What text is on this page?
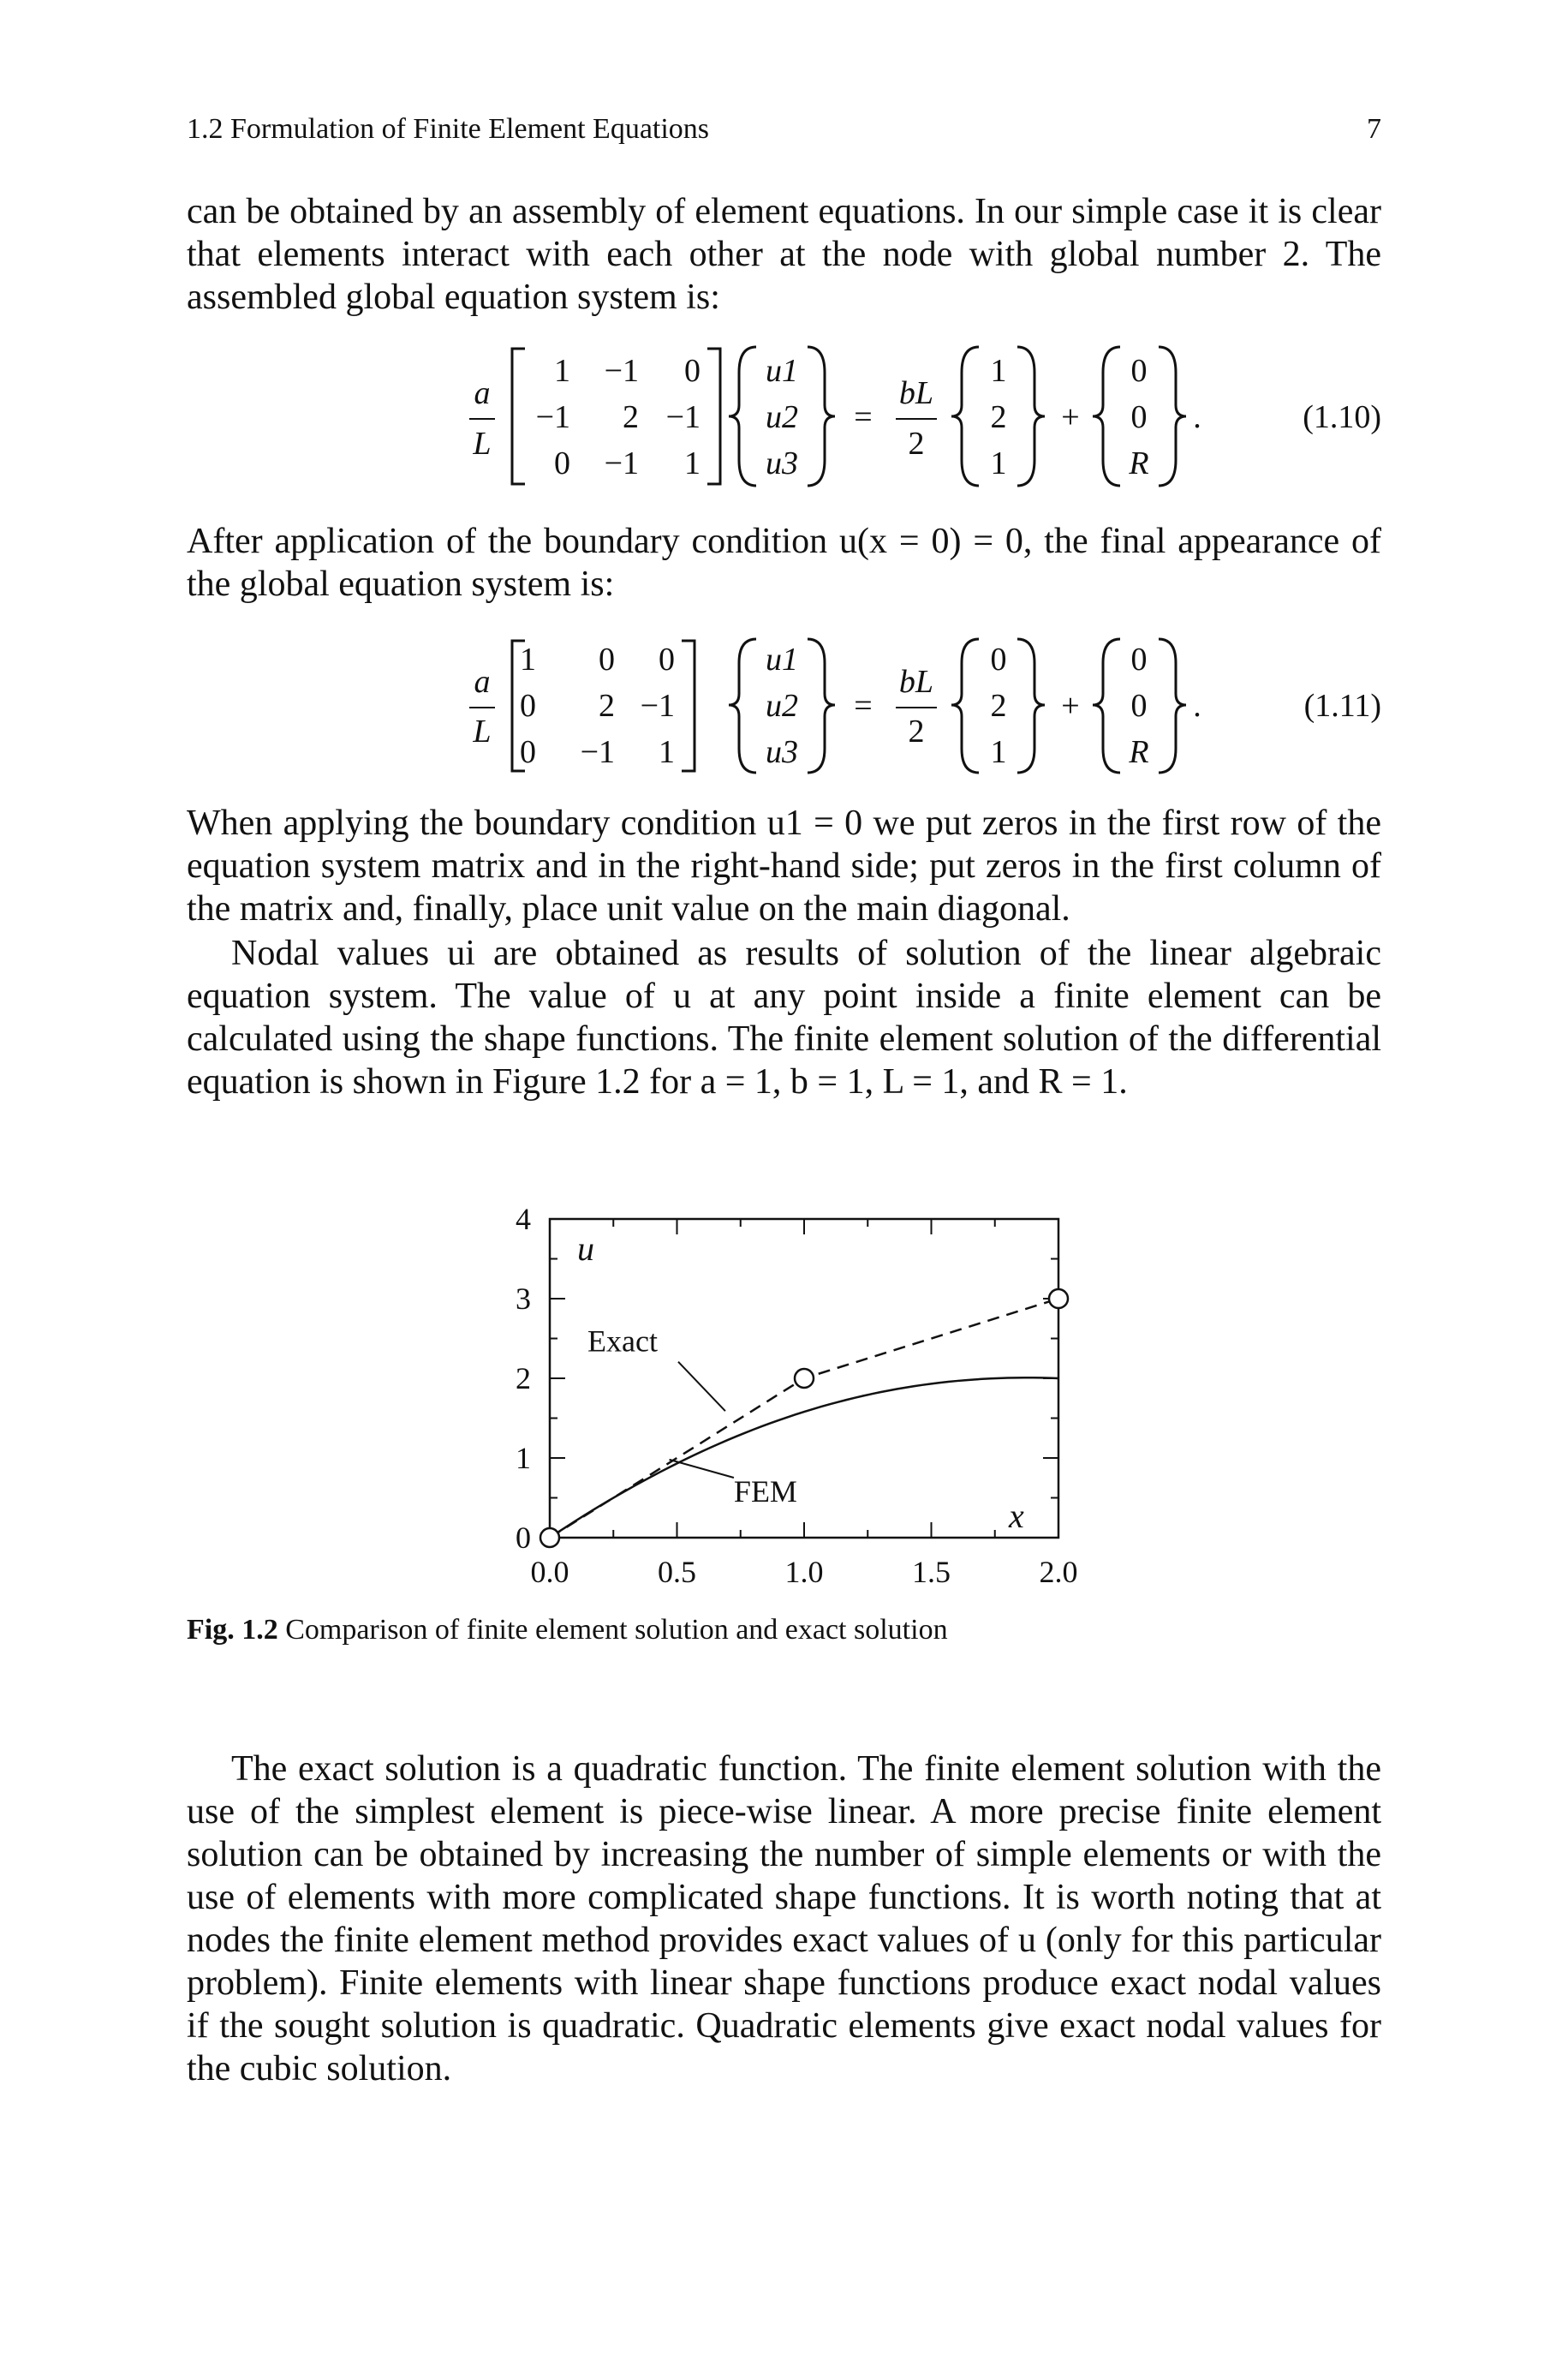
1.2 Formulation of Finite Element Equations	7

can be obtained by an assembly of element equations. In our simple case it is clear that elements interact with each other at the node with global number 2. The assembled global equation system is:

a
L
1 −1 0
−1 2 −1
0 −1 1
u1
u2
u3
=
bL
2
1
2
1
+
0
0
R
.	(1.10)

After application of the boundary condition u(x = 0) = 0, the final appearance of the global equation system is:

a
L
1 0 0
0 2 −1
0 −1 1
u1
u2
u3
=
bL
2
0
2
1
+
0
0
R
.	(1.11)

When applying the boundary condition u1 = 0 we put zeros in the first row of the equation system matrix and in the right-hand side; put zeros in the first column of the matrix and, finally, place unit value on the main diagonal.

Nodal values ui are obtained as results of solution of the linear algebraic equation system. The value of u at any point inside a finite element can be calculated using the shape functions. The finite element solution of the differential equation is shown in Figure 1.2 for a = 1, b = 1, L = 1, and R = 1.

0.0	0.5	1.0	1.5	2.0
0
1
2
3
4
u
x
Exact
FEM
Fig. 1.2 Comparison of finite element solution and exact solution

The exact solution is a quadratic function. The finite element solution with the use of the simplest element is piece-wise linear. A more precise finite element solution can be obtained by increasing the number of simple elements or with the use of elements with more complicated shape functions. It is worth noting that at nodes the finite element method provides exact values of u (only for this particular problem). Finite elements with linear shape functions produce exact nodal values if the sought solution is quadratic. Quadratic elements give exact nodal values for the cubic solution.
